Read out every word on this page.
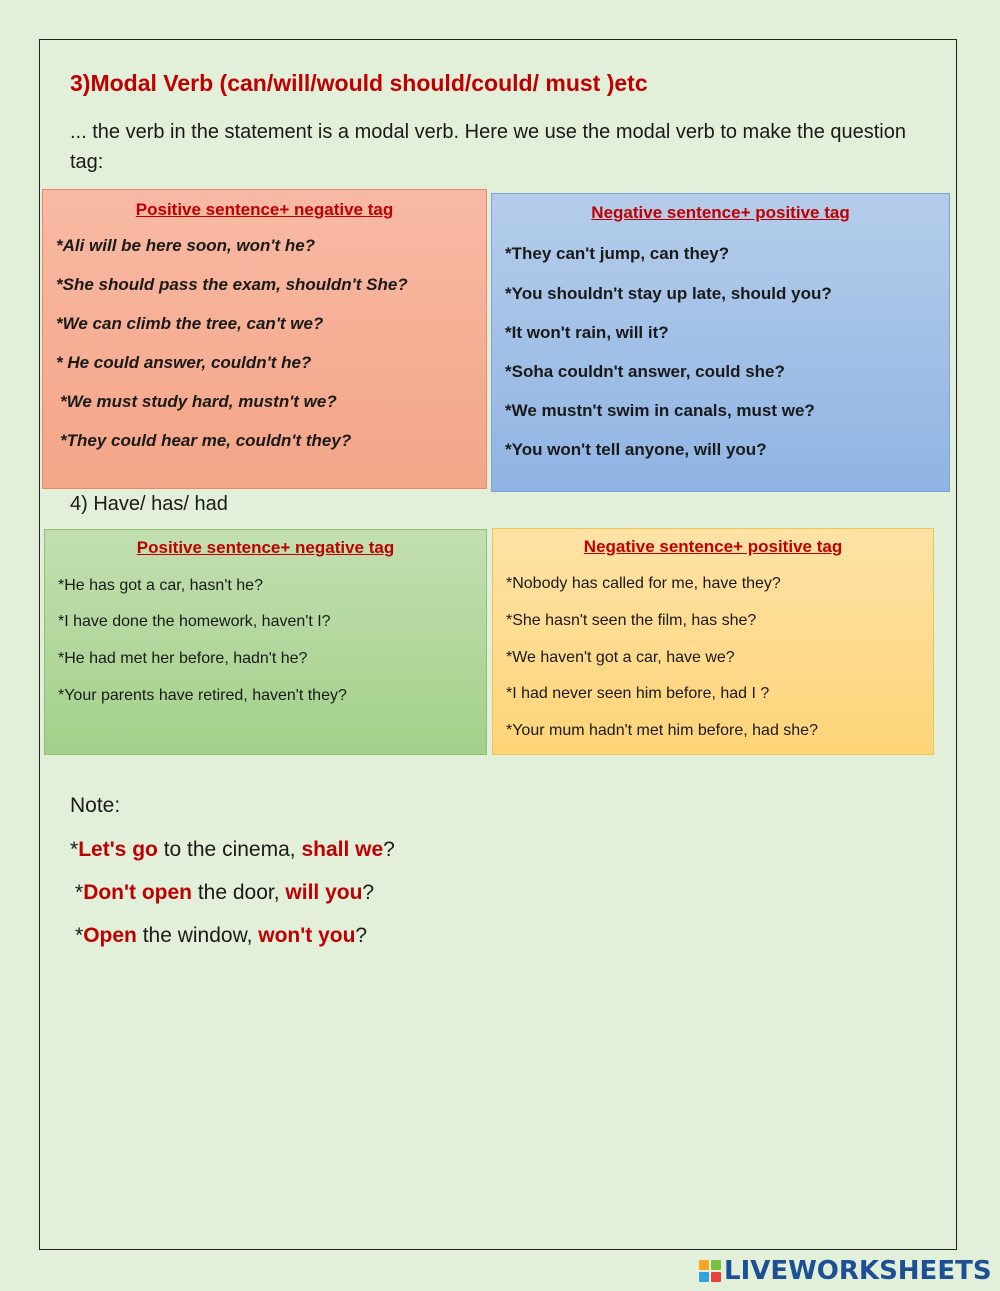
3)Modal Verb (can/will/would should/could/ must )etc

... the verb in the statement is a modal verb. Here we use the modal verb to make the question tag:

Positive sentence+ negative tag

*Ali will be here soon, won't he?

*She should pass the exam, shouldn't She?

*We can climb the tree, can't we?

* He could answer, couldn't he?

*We must study hard, mustn't we?

*They could hear me, couldn't they?

Negative sentence+ positive tag

*They can't jump, can they?

*You shouldn't stay up late, should you?

*It won't rain, will it?

*Soha couldn't answer, could she?

*We mustn't swim in canals, must we?

*You won't tell anyone, will you?

4) Have/ has/ had

Positive sentence+ negative tag

*He has got a car, hasn't he?

*I have done the homework, haven't I?

*He had met her before, hadn't he?

*Your parents have retired, haven't they?

Negative sentence+ positive tag

*Nobody has called for me, have they?

*She hasn't seen the film, has she?

*We haven't got a car, have we?

*I had never seen him before, had I ?

*Your mum hadn't met him before, had she?

Note:

*Let's go to the cinema, shall we?

*Don't open the door, will you?

*Open the window, won't you?

LIVEWORKSHEETS
